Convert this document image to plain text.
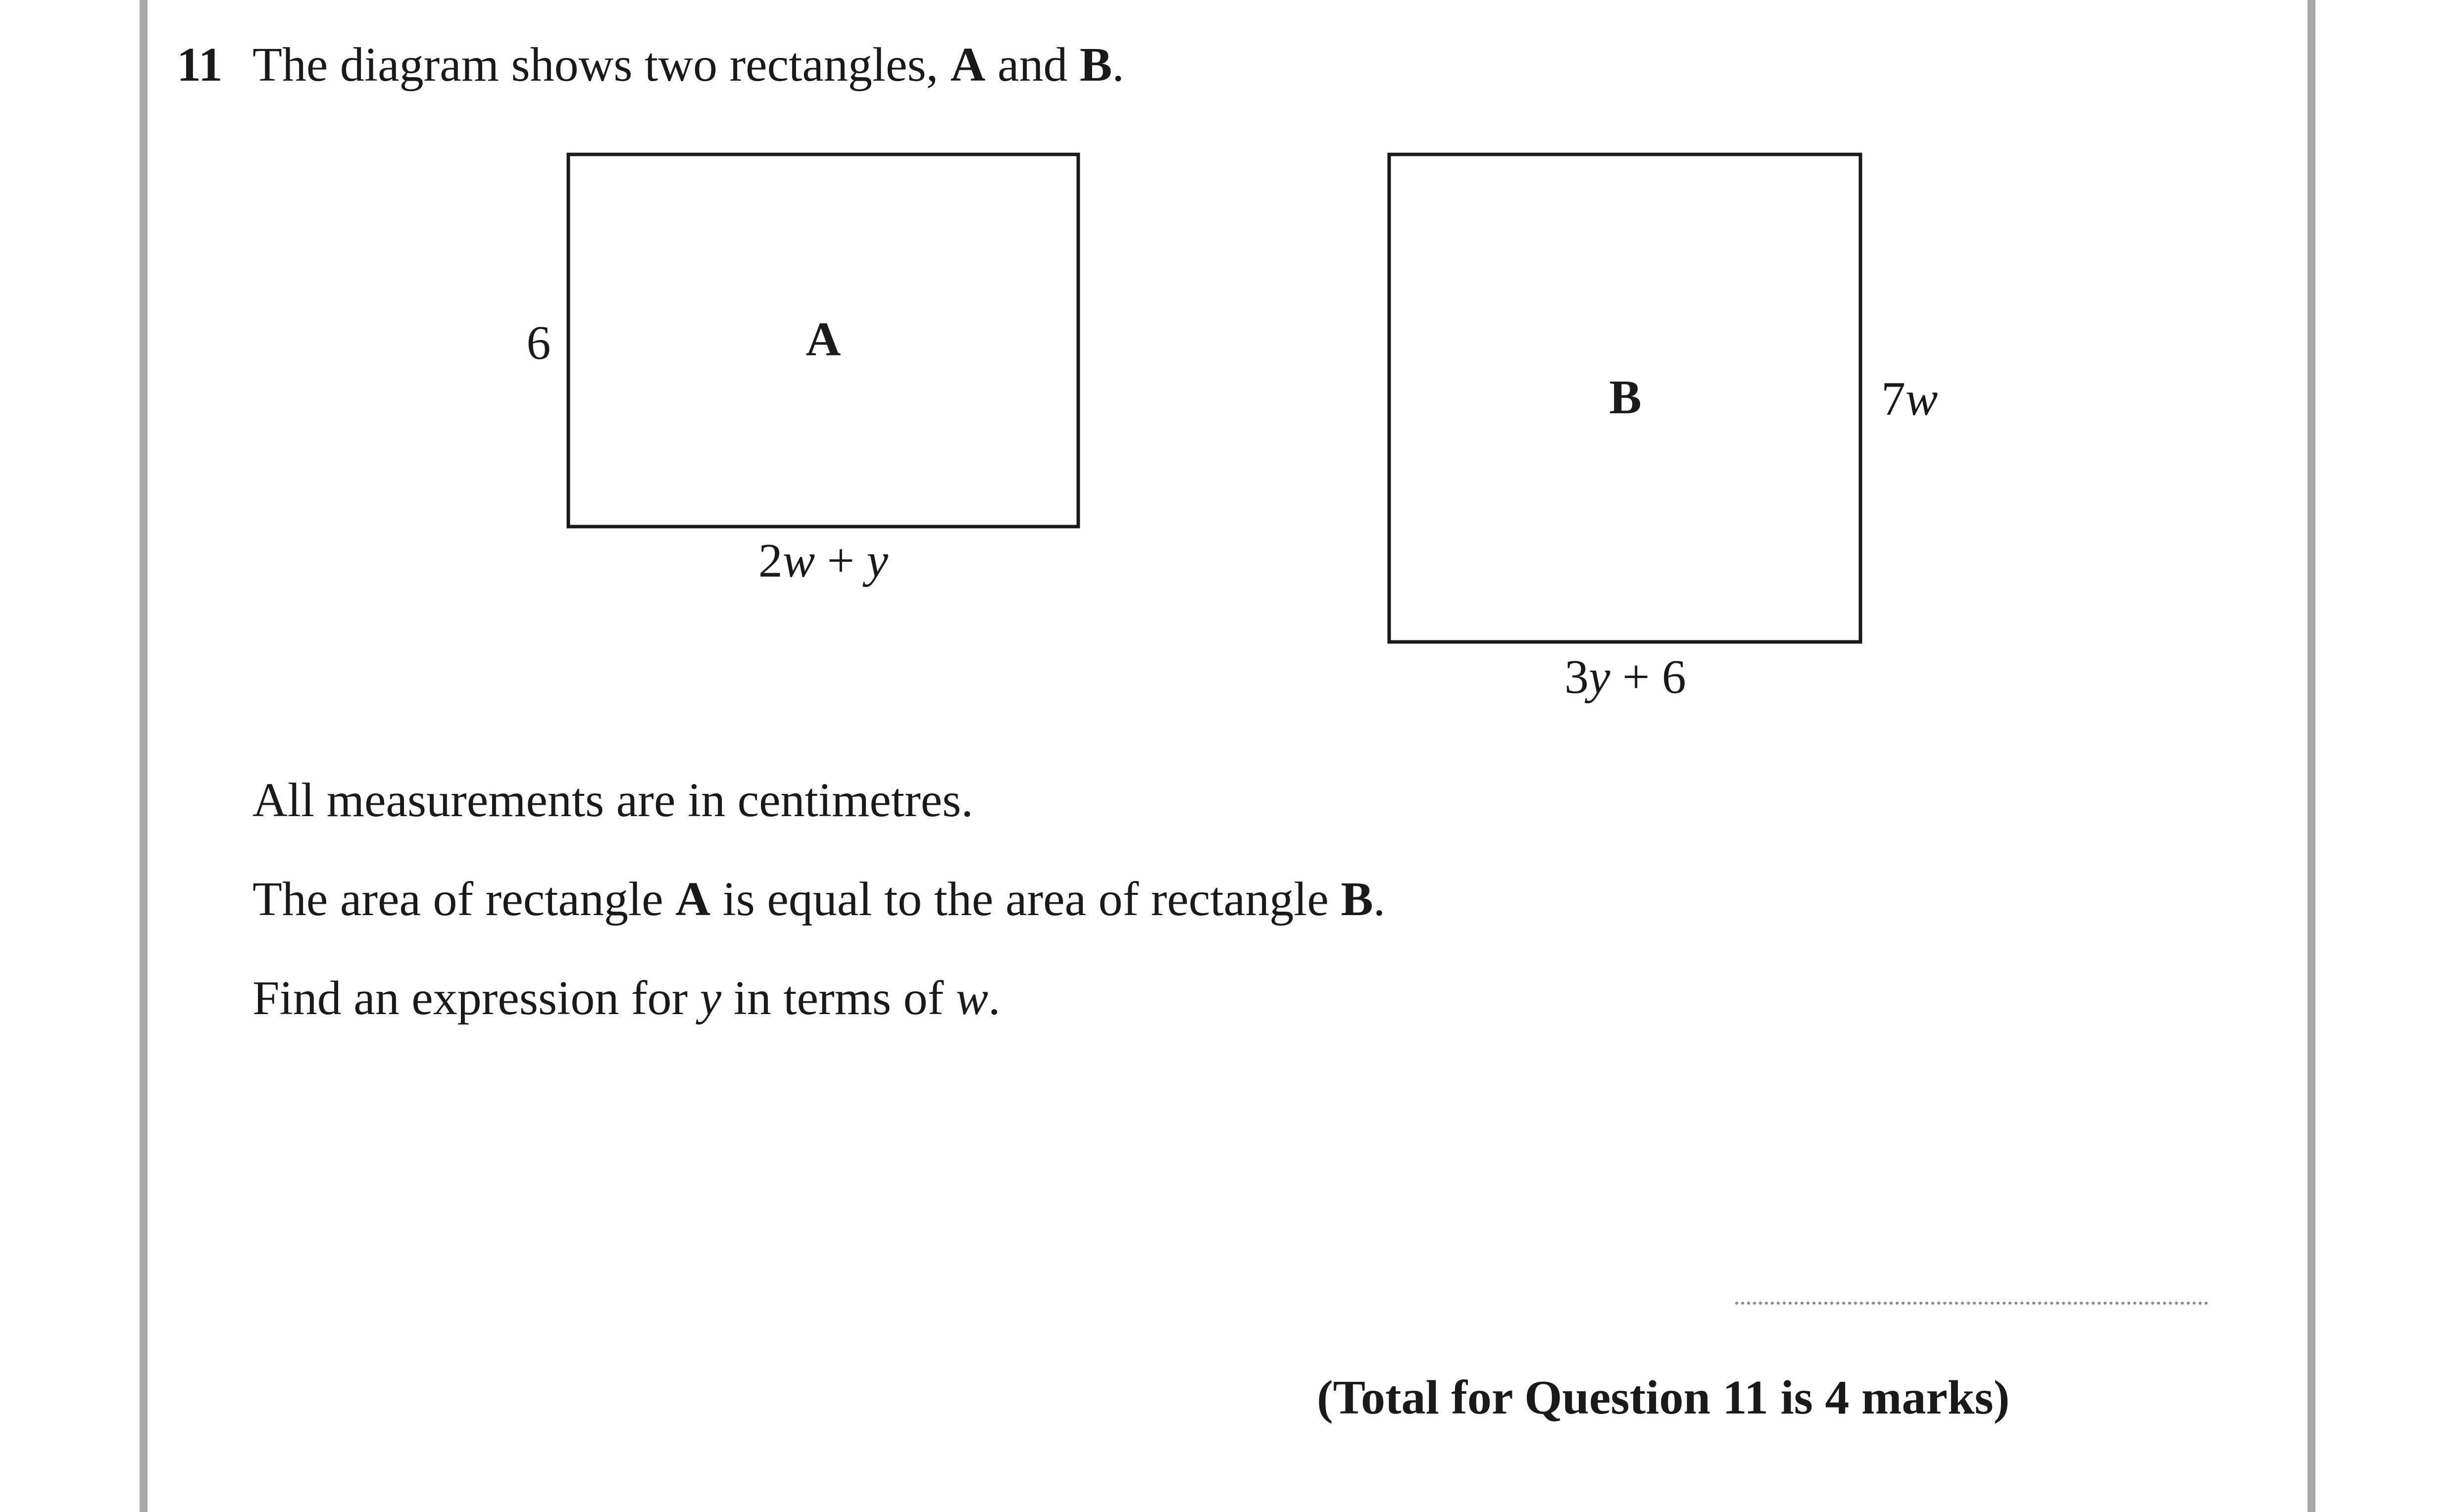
11 The diagram shows two rectangles, A and B.
A
6
2w + y
B	7w
3y + 6
All measurements are in centimetres.
The area of rectangle A is equal to the area of rectangle B.
Find an expression for y in terms of w.
(Total for Question 11 is 4 marks)
